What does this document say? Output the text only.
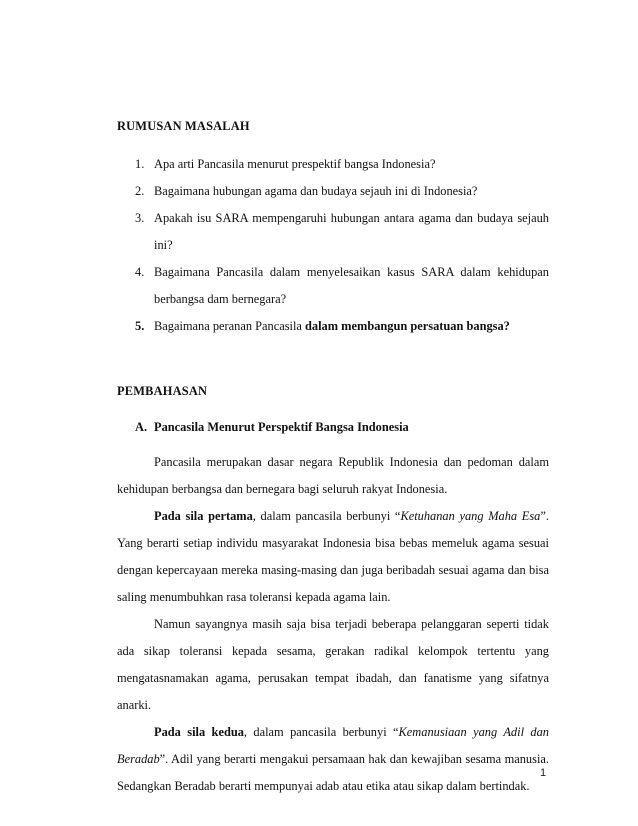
RUMUSAN MASALAH
1. Apa arti Pancasila menurut prespektif bangsa Indonesia?
2. Bagaimana hubungan agama dan budaya sejauh ini di Indonesia?
3. Apakah isu SARA mempengaruhi hubungan antara agama dan budaya sejauh ini?
4. Bagaimana Pancasila dalam menyelesaikan kasus SARA dalam kehidupan berbangsa dam bernegara?
5. Bagaimana peranan Pancasila dalam membangun persatuan bangsa?
PEMBAHASAN
A. Pancasila Menurut Perspektif Bangsa Indonesia

Pancasila merupakan dasar negara Republik Indonesia dan pedoman dalam kehidupan berbangsa dan bernegara bagi seluruh rakyat Indonesia.

Pada sila pertama, dalam pancasila berbunyi “Ketuhanan yang Maha Esa”. Yang berarti setiap individu masyarakat Indonesia bisa bebas memeluk agama sesuai dengan kepercayaan mereka masing-masing dan juga beribadah sesuai agama dan bisa saling menumbuhkan rasa toleransi kepada agama lain.

Namun sayangnya masih saja bisa terjadi beberapa pelanggaran seperti tidak ada sikap toleransi kepada sesama, gerakan radikal kelompok tertentu yang mengatasnamakan agama, perusakan tempat ibadah, dan fanatisme yang sifatnya anarki.

Pada sila kedua, dalam pancasila berbunyi “Kemanusiaan yang Adil dan Beradab”. Adil yang berarti mengakui persamaan hak dan kewajiban sesama manusia. Sedangkan Beradab berarti mempunyai adab atau etika atau sikap dalam bertindak.

1
